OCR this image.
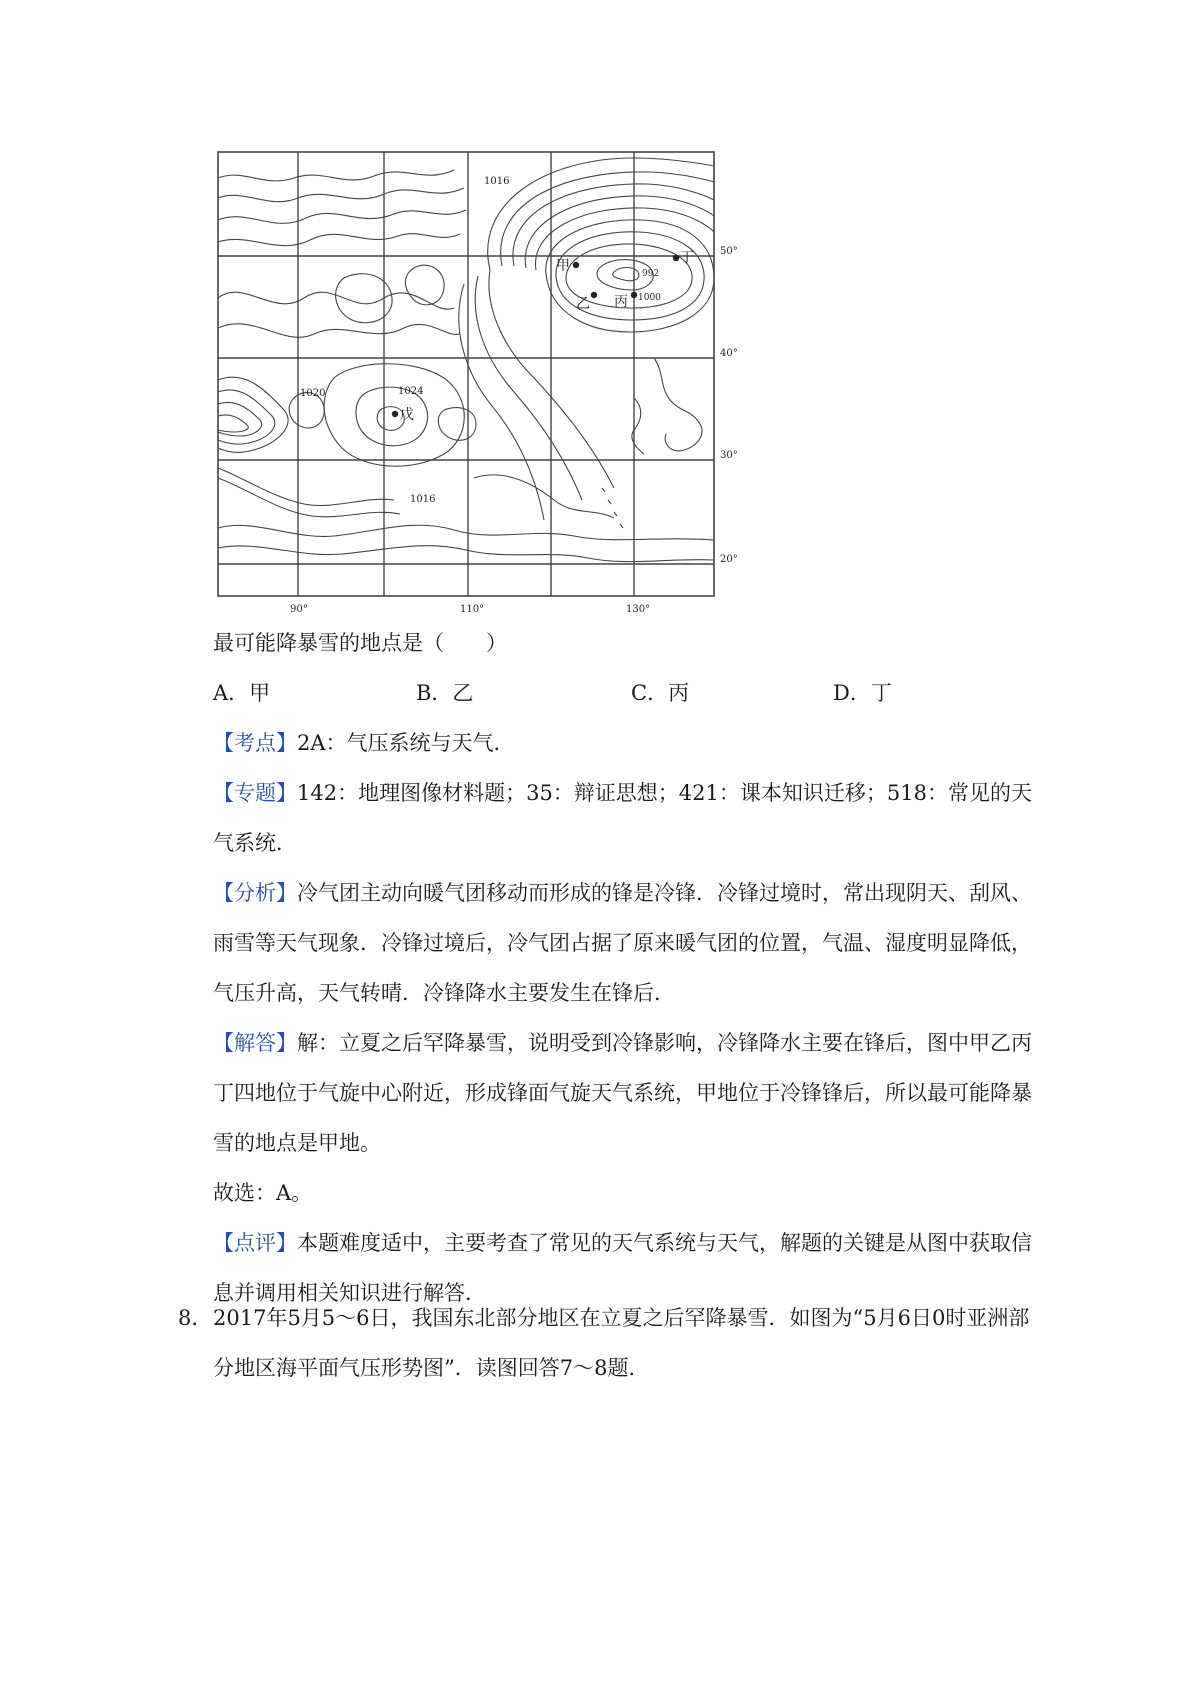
1016
1020	1024
1016
992
1000
甲
乙 丙
丁
戊
50°
40°
30°
20°
90°	110°	130°
最可能降暴雪的地点是（　　）
A．甲	B．乙	C．丙	D．丁
【考点】2A：气压系统与天气．
【专题】142：地理图像材料题；35：辩证思想；421：课本知识迁移；518：常见的天气系统．
【分析】冷气团主动向暖气团移动而形成的锋是冷锋．冷锋过境时，常出现阴天、刮风、雨雪等天气现象．冷锋过境后，冷气团占据了原来暖气团的位置，气温、湿度明显降低，气压升高，天气转晴．冷锋降水主要发生在锋后．
【解答】解：立夏之后罕降暴雪，说明受到冷锋影响，冷锋降水主要在锋后，图中甲乙丙丁四地位于气旋中心附近，形成锋面气旋天气系统，甲地位于冷锋锋后，所以最可能降暴雪的地点是甲地。
故选：A。
【点评】本题难度适中，主要考查了常见的天气系统与天气，解题的关键是从图中获取信息并调用相关知识进行解答．
8． 2017年5月5～6日，我国东北部分地区在立夏之后罕降暴雪．如图为“5月6日0时亚洲部分地区海平面气压形势图”．读图回答7～8题．
